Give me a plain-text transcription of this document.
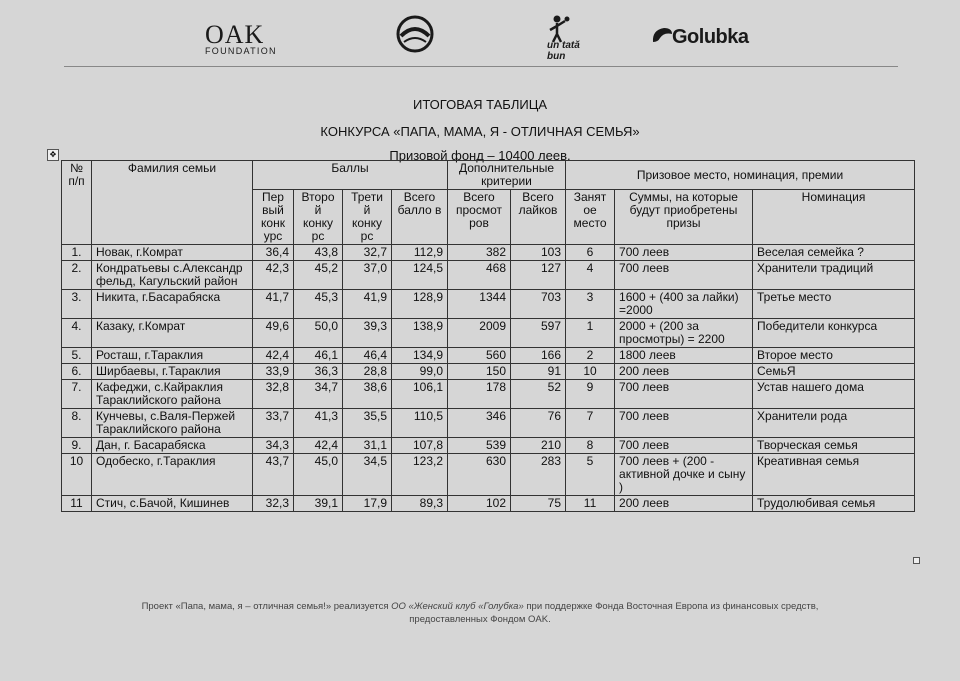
OAK
FOUNDATION	un tată bun
Golubka
ИТОГОВАЯ ТАБЛИЦА
КОНКУРСА «ПАПА, МАМА, Я - ОТЛИЧНАЯ СЕМЬЯ»
Призовой фонд – 10400 леев.
✥
№ п/п	Фамилия семьи	Баллы				Дополнительные критерии		Призовое место, номинация, премии		
		Пер вый конк урс	Второ й конку рс	Трети й конку рс	Всего балло в	Всего просмот ров	Всего лайков			
								Занят ое место	Суммы, на которые будут приобретены призы	Номинация
1.	Новак, г.Комрат	36,4	43,8	32,7	112,9	382	103	6	700 леев	Веселая семейка ?
2.	Кондратьевы с.Александр фельд, Кагульский район	42,3	45,2	37,0	124,5	468	127	4	700 леев	Хранители традиций
3.	Никита, г.Басарабяска	41,7	45,3	41,9	128,9	1344	703	3	1600 + (400 за лайки) =2000	Третье место
4.	Казаку, г.Комрат	49,6	50,0	39,3	138,9	2009	597	1	2000 + (200 за просмотры) = 2200	Победители конкурса
5.	Росташ, г.Тараклия	42,4	46,1	46,4	134,9	560	166	2	1800 леев	Второе место
6.	Ширбаевы, г.Тараклия	33,9	36,3	28,8	99,0	150	91	10	200 леев	СемьЯ
7.	Кафеджи, с.Кайраклия Тараклийского района	32,8	34,7	38,6	106,1	178	52	9	700 леев	Устав нашего дома
8.	Кунчевы, с.Валя-Пержей Тараклийского района	33,7	41,3	35,5	110,5	346	76	7	700 леев	Хранители рода
9.	Дан, г. Басарабяска	34,3	42,4	31,1	107,8	539	210	8	700 леев	Творческая семья
10	Одобеско, г.Тараклия	43,7	45,0	34,5	123,2	630	283	5	700 леев + (200 - активной дочке и сыну )	Креативная семья
11	Стич, с.Бачой, Кишинев	32,3	39,1	17,9	89,3	102	75	11	200 леев	Трудолюбивая семья
Проект «Папа, мама, я – отличная семья!» реализуется ОО «Женский клуб «Голубка» при поддержке Фонда Восточная Европа из финансовых средств,
предоставленных Фондом OAK.
